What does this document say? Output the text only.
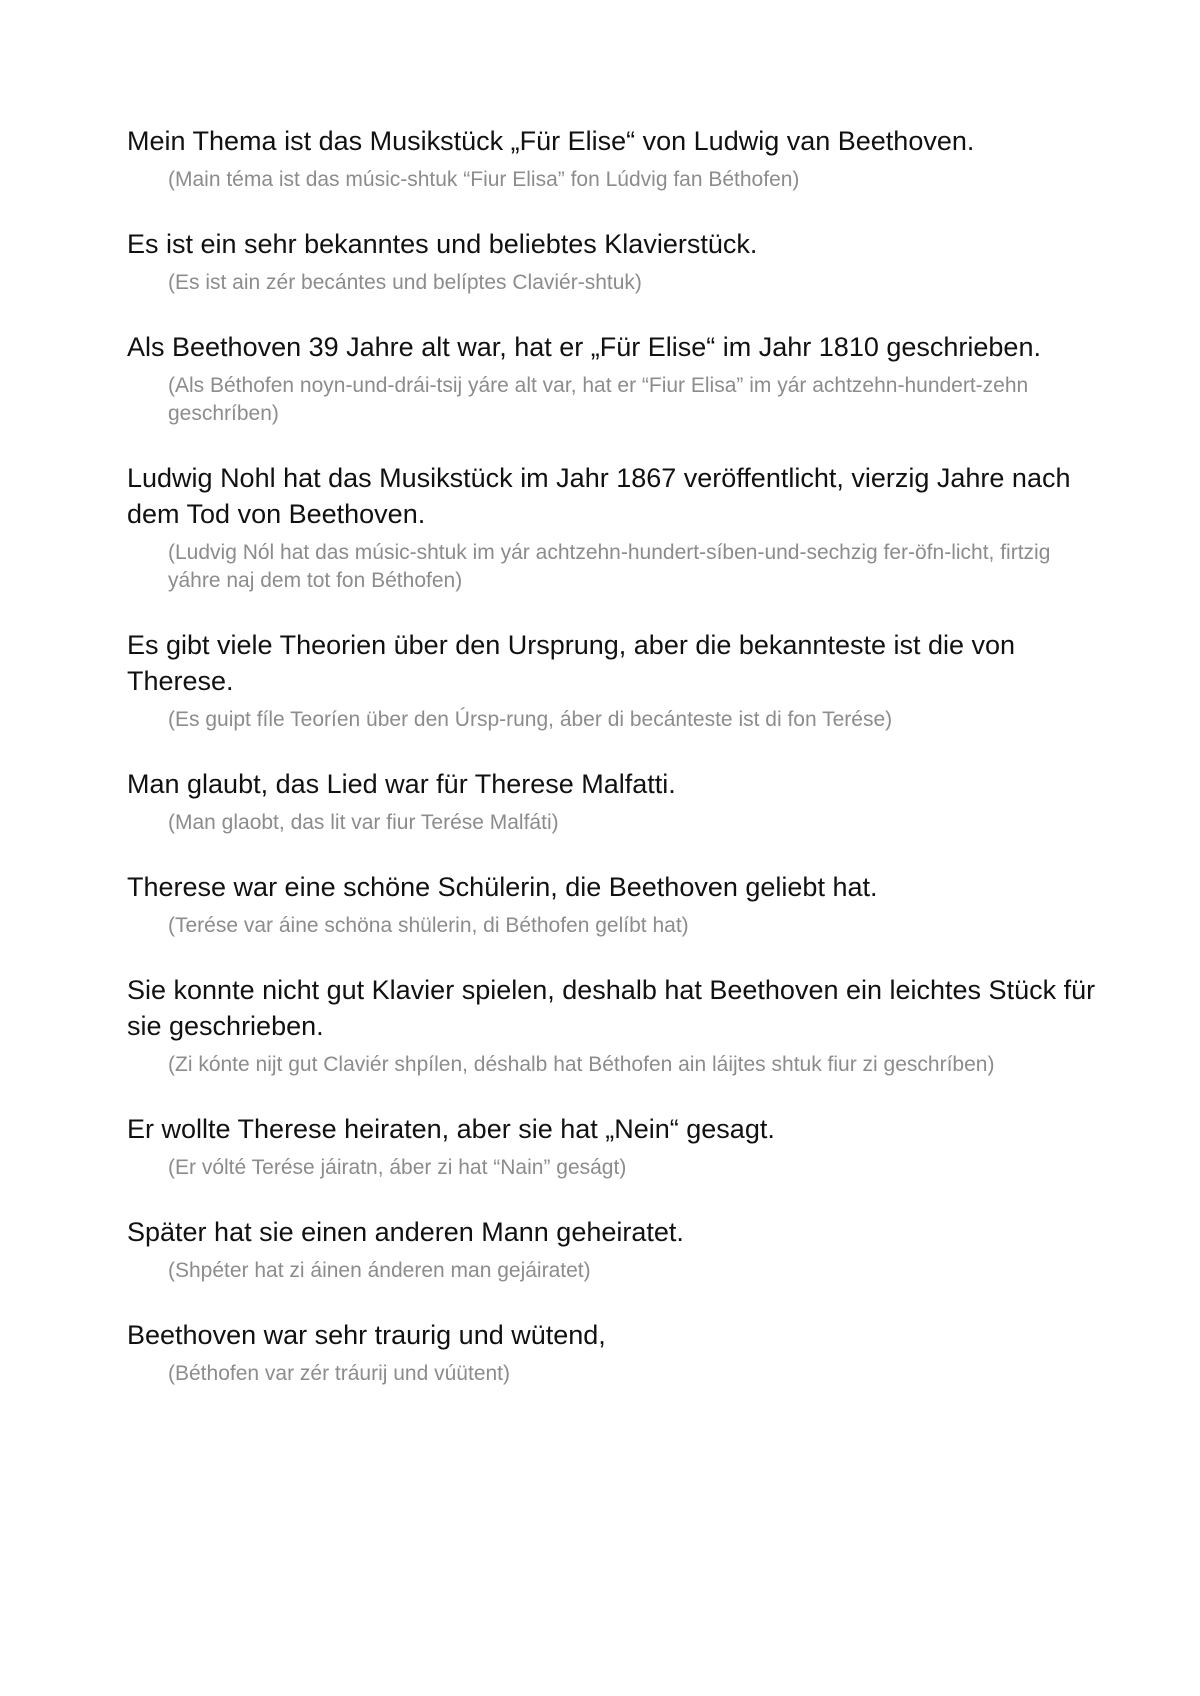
Mein Thema ist das Musikstück „Für Elise“ von Ludwig van Beethoven.

(Main téma ist das músic-shtuk “Fiur Elisa” fon Lúdvig fan Béthofen)

Es ist ein sehr bekanntes und beliebtes Klavierstück.

(Es ist ain zér becántes und belíptes Claviér-shtuk)

Als Beethoven 39 Jahre alt war, hat er „Für Elise“ im Jahr 1810 geschrieben.

(Als Béthofen noyn-und-drái-tsij yáre alt var, hat er “Fiur Elisa” im yár achtzehn-hundert-zehn geschríben)

Ludwig Nohl hat das Musikstück im Jahr 1867 veröffentlicht, vierzig Jahre nach dem Tod von Beethoven.

(Ludvig Nól hat das músic-shtuk im yár achtzehn-hundert-síben-und-sechzig fer-öfn-licht, firtzig yáhre naj dem tot fon Béthofen)

Es gibt viele Theorien über den Ursprung, aber die bekannteste ist die von Therese.

(Es guipt fíle Teoríen über den Úrsp-rung, áber di becánteste ist di fon Terése)

Man glaubt, das Lied war für Therese Malfatti.

(Man glaobt, das lit var fiur Terése Malfáti)

Therese war eine schöne Schülerin, die Beethoven geliebt hat.

(Terése var áine schöna shülerin, di Béthofen gelíbt hat)

Sie konnte nicht gut Klavier spielen, deshalb hat Beethoven ein leichtes Stück für sie geschrieben.

(Zi kónte nijt gut Claviér shpílen, déshalb hat Béthofen ain láijtes shtuk fiur zi geschríben)

Er wollte Therese heiraten, aber sie hat „Nein“ gesagt.

(Er vólté Terése jáiratn, áber zi hat “Nain” geságt)

Später hat sie einen anderen Mann geheiratet.

(Shpéter hat zi áinen ánderen man gejáiratet)

Beethoven war sehr traurig und wütend,

(Béthofen var zér tráurij und vúütent)
